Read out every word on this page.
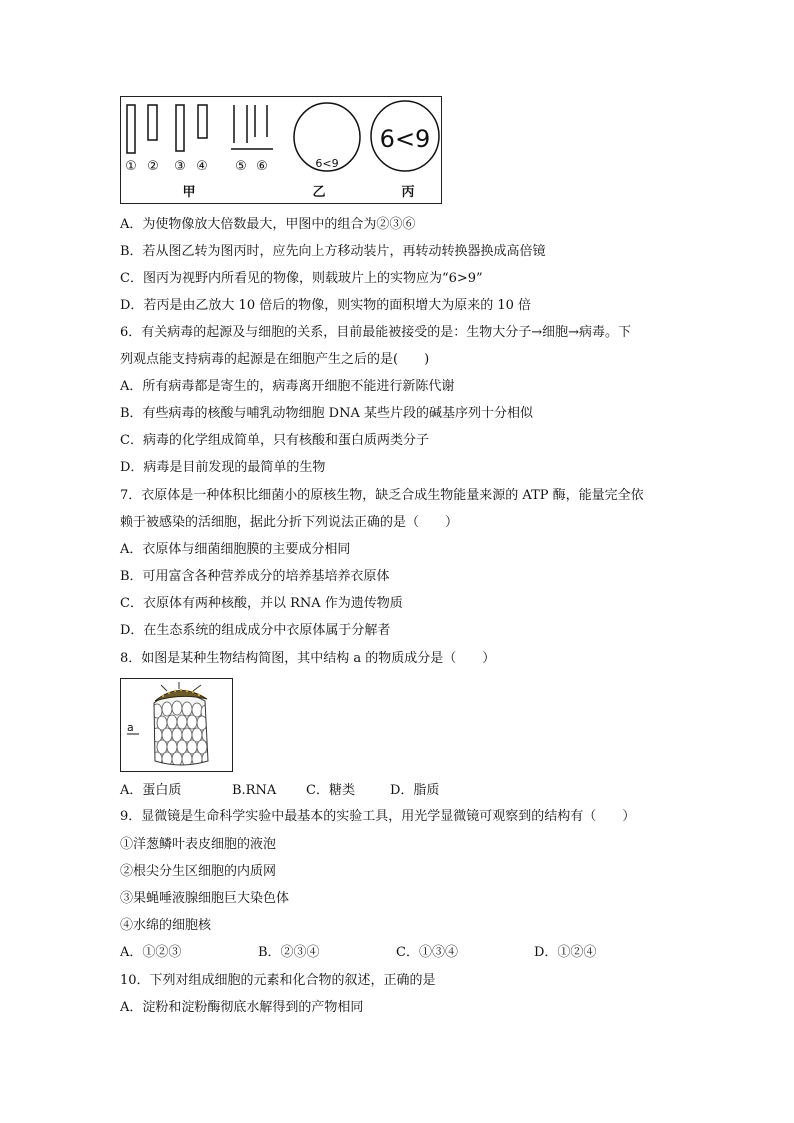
① ② ③ ④ ⑤ ⑥
甲	乙	丙
6<9
6<9
A．为使物像放大倍数最大，甲图中的组合为②③⑥
B．若从图乙转为图丙时，应先向上方移动装片，再转动转换器换成高倍镜
C．图丙为视野内所看见的物像，则载玻片上的实物应为“6>9”
D．若丙是由乙放大 10 倍后的物像，则实物的面积增大为原来的 10 倍
6．有关病毒的起源及与细胞的关系，目前最能被接受的是：生物大分子→细胞→病毒。下
列观点能支持病毒的起源是在细胞产生之后的是(　　)
A．所有病毒都是寄生的，病毒离开细胞不能进行新陈代谢
B．有些病毒的核酸与哺乳动物细胞 DNA 某些片段的碱基序列十分相似
C．病毒的化学组成简单，只有核酸和蛋白质两类分子
D．病毒是目前发现的最简单的生物
7．衣原体是一种体积比细菌小的原核生物，缺乏合成生物能量来源的 ATP 酶，能量完全依
赖于被感染的活细胞，据此分折下列说法正确的是（　　）
A．衣原体与细菌细胞膜的主要成分相同
B．可用富含各种营养成分的培养基培养衣原体
C．衣原体有两种核酸，并以 RNA 作为遗传物质
D．在生态系统的组成成分中衣原体属于分解者
8．如图是某种生物结构简图，其中结构 a 的物质成分是（　　）
a
A．蛋白质	B.RNA C．糖类	D．脂质
9．显微镜是生命科学实验中最基本的实验工具，用光学显微镜可观察到的结构有（　　）
①洋葱鳞叶表皮细胞的液泡
②根尖分生区细胞的内质网
③果蝇唾液腺细胞巨大染色体
④水绵的细胞核
A．①②③	B．②③④	C．①③④	D．①②④
10．下列对组成细胞的元素和化合物的叙述，正确的是
A．淀粉和淀粉酶彻底水解得到的产物相同
